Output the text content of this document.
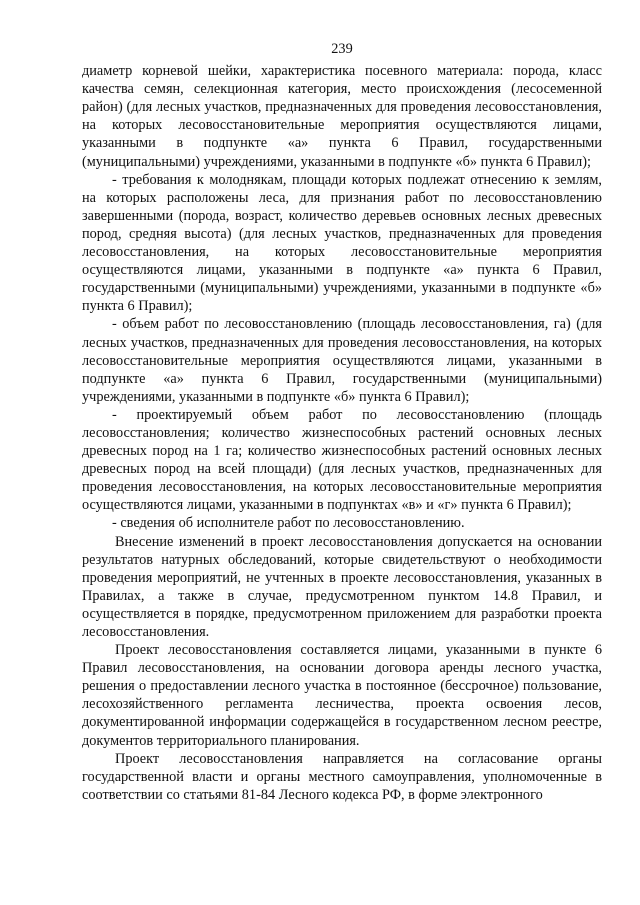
239

диаметр корневой шейки, характеристика посевного материала: порода, класс качества семян, селекционная категория, место происхождения (лесосеменной район) (для лесных участков, предназначенных для проведения лесовосстановления, на которых лесовосстановительные мероприятия осуществляются лицами, указанными в подпункте «а» пункта 6 Правил, государственными (муниципальными) учреждениями, указанными в подпункте «б» пункта 6 Правил);

- требования к молоднякам, площади которых подлежат отнесению к землям, на которых расположены леса, для признания работ по лесовосстановлению завершенными (порода, возраст, количество деревьев основных лесных древесных пород, средняя высота) (для лесных участков, предназначенных для проведения лесовосстановления, на которых лесовосстановительные мероприятия осуществляются лицами, указанными в подпункте «а» пункта 6 Правил, государственными (муниципальными) учреждениями, указанными в подпункте «б» пункта 6 Правил);

- объем работ по лесовосстановлению (площадь лесовосстановления, га) (для лесных участков, предназначенных для проведения лесовосстановления, на которых лесовосстановительные мероприятия осуществляются лицами, указанными в подпункте «а» пункта 6 Правил, государственными (муниципальными) учреждениями, указанными в подпункте «б» пункта 6 Правил);

- проектируемый объем работ по лесовосстановлению (площадь лесовосстановления; количество жизнеспособных растений основных лесных древесных пород на 1 га; количество жизнеспособных растений основных лесных древесных пород на всей площади) (для лесных участков, предназначенных для проведения лесовосстановления, на которых лесовосстановительные мероприятия осуществляются лицами, указанными в подпунктах «в» и «г» пункта 6 Правил);

- сведения об исполнителе работ по лесовосстановлению.

Внесение изменений в проект лесовосстановления допускается на основании результатов натурных обследований, которые свидетельствуют о необходимости проведения мероприятий, не учтенных в проекте лесовосстановления, указанных в Правилах, а также в случае, предусмотренном пунктом 14.8 Правил, и осуществляется в порядке, предусмотренном приложением для разработки проекта лесовосстановления.

Проект лесовосстановления составляется лицами, указанными в пункте 6 Правил лесовосстановления, на основании договора аренды лесного участка, решения о предоставлении лесного участка в постоянное (бессрочное) пользование, лесохозяйственного регламента лесничества, проекта освоения лесов, документированной информации содержащейся в государственном лесном реестре, документов территориального планирования.

Проект лесовосстановления направляется на согласование органы государственной власти и органы местного самоуправления, уполномоченные в соответствии со статьями 81-84 Лесного кодекса РФ, в форме электронного
